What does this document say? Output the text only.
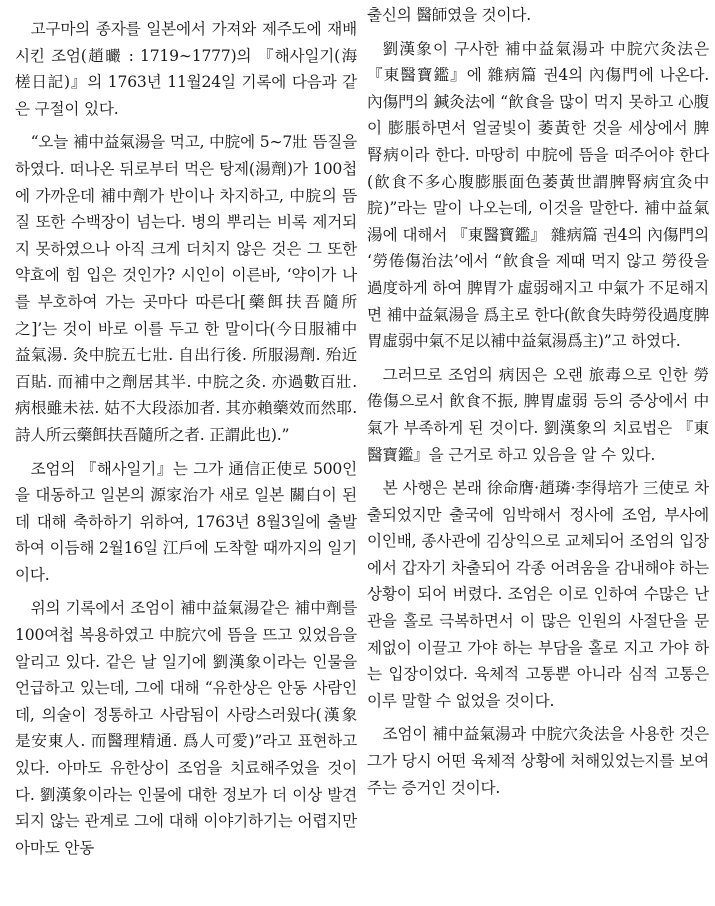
고구마의 종자를 일본에서 가져와 제주도에 재배시킨 조엄(趙曮 : 1719∼1777)의 『해사일기(海槎日記)』의 1763년 11월24일 기록에 다음과 같은 구절이 있다.

“오늘 補中益氣湯을 먹고, 中脘에 5∼7壯 뜸질을 하였다. 떠나온 뒤로부터 먹은 탕제(湯劑)가 100첩에 가까운데 補中劑가 반이나 차지하고, 中脘의 뜸질 또한 수백장이 넘는다. 병의 뿌리는 비록 제거되지 못하였으나 아직 크게 더치지 않은 것은 그 또한 약효에 힘 입은 것인가? 시인이 이른바, ‘약이가 나를 부호하여 가는 곳마다 따른다[藥餌扶吾隨所之]’는 것이 바로 이를 두고 한 말이다(今日服補中益氣湯. 灸中脘五七壯. 自出行後. 所服湯劑. 殆近百貼. 而補中之劑居其半. 中脘之灸. 亦過數百壯. 病根雖未祛. 姑不大段添加者. 其亦賴藥效而然耶. 詩人所云藥餌扶吾隨所之者. 正謂此也).”

조엄의 『해사일기』는 그가 通信正使로 500인을 대동하고 일본의 源家治가 새로 일본 關白이 된 데 대해 축하하기 위하여, 1763년 8월3일에 출발하여 이듬해 2월16일 江戶에 도착할 때까지의 일기이다.

위의 기록에서 조엄이 補中益氣湯같은 補中劑를 100여첩 복용하였고 中脘穴에 뜸을 뜨고 있었음을 알리고 있다. 같은 날 일기에 劉漢象이라는 인물을 언급하고 있는데, 그에 대해 “유한상은 안동 사람인데, 의술이 정통하고 사람됨이 사랑스러웠다(漢象是安東人. 而醫理精通. 爲人可愛)”라고 표현하고 있다. 아마도 유한상이 조엄을 치료해주었을 것이다. 劉漢象이라는 인물에 대한 정보가 더 이상 발견되지 않는 관계로 그에 대해 이야기하기는 어렵지만 아마도 안동

출신의 醫師였을 것이다.

劉漢象이 구사한 補中益氣湯과 中脘穴灸法은 『東醫寶鑑』에 雜病篇 권4의 內傷門에 나온다. 內傷門의 鍼灸法에 “飮食을 많이 먹지 못하고 心腹이 膨脹하면서 얼굴빛이 萎黃한 것을 세상에서 脾腎病이라 한다. 마땅히 中脘에 뜸을 떠주어야 한다(飮食不多心腹膨脹面色萎黃世謂脾腎病宜灸中脘)”라는 말이 나오는데, 이것을 말한다. 補中益氣湯에 대해서 『東醫寶鑑』 雜病篇 권4의 內傷門의 ‘勞倦傷治法’에서 “飮食을 제때 먹지 않고 勞役을 過度하게 하여 脾胃가 虛弱해지고 中氣가 不足해지면 補中益氣湯을 爲主로 한다(飮食失時勞役過度脾胃虛弱中氣不足以補中益氣湯爲主)”고 하였다.

그러므로 조엄의 病因은 오랜 旅毒으로 인한 勞倦傷으로서 飮食不振, 脾胃虛弱 등의 증상에서 中氣가 부족하게 된 것이다. 劉漢象의 치료법은 『東醫寶鑑』을 근거로 하고 있음을 알 수 있다.

본 사행은 본래 徐命膺·趙璘·李得培가 三使로 차출되었지만 출국에 임박해서 정사에 조엄, 부사에 이인배, 종사관에 김상익으로 교체되어 조엄의 입장에서 갑자기 차출되어 각종 어려움을 감내해야 하는 상황이 되어 버렸다. 조엄은 이로 인하여 수많은 난관을 홀로 극복하면서 이 많은 인원의 사절단을 문제없이 이끌고 가야 하는 부담을 홀로 지고 가야 하는 입장이었다. 육체적 고통뿐 아니라 심적 고통은 이루 말할 수 없었을 것이다.

조엄이 補中益氣湯과 中脘穴灸法을 사용한 것은 그가 당시 어떤 육체적 상황에 처해있었는지를 보여주는 증거인 것이다.
